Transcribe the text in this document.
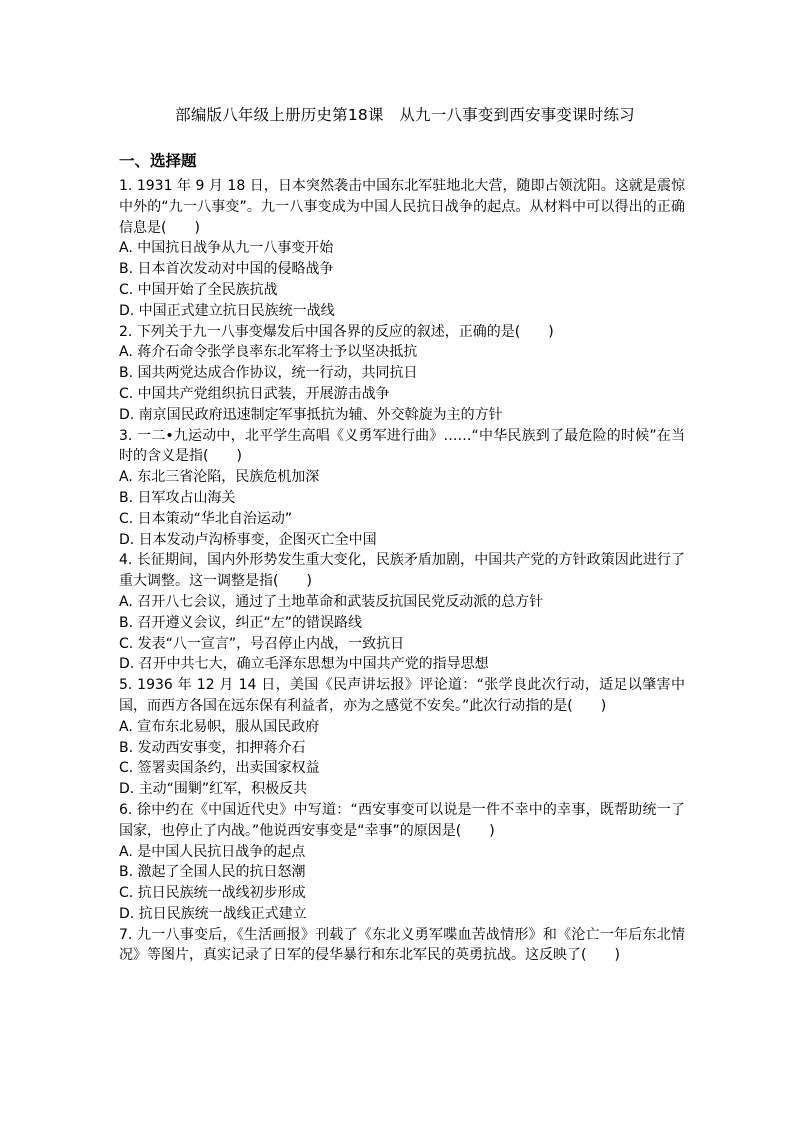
部编版八年级上册历史第18课　从九一八事变到西安事变课时练习
一、选择题

1. 1931 年 9 月 18 日，日本突然袭击中国东北军驻地北大营，随即占领沈阳。这就是震惊中外的“九一八事变”。九一八事变成为中国人民抗日战争的起点。从材料中可以得出的正确信息是(　　)

A. 中国抗日战争从九一八事变开始

B. 日本首次发动对中国的侵略战争

C. 中国开始了全民族抗战

D. 中国正式建立抗日民族统一战线

2. 下列关于九一八事变爆发后中国各界的反应的叙述，正确的是(　　)

A. 蒋介石命令张学良率东北军将士予以坚决抵抗

B. 国共两党达成合作协议，统一行动，共同抗日

C. 中国共产党组织抗日武装，开展游击战争

D. 南京国民政府迅速制定军事抵抗为辅、外交斡旋为主的方针

3. 一二•九运动中，北平学生高唱《义勇军进行曲》……“中华民族到了最危险的时候”在当时的含义是指(　　)

A. 东北三省沦陷，民族危机加深

B. 日军攻占山海关

C. 日本策动“华北自治运动”

D. 日本发动卢沟桥事变，企图灭亡全中国

4. 长征期间，国内外形势发生重大变化，民族矛盾加剧，中国共产党的方针政策因此进行了重大调整。这一调整是指(　　)

A. 召开八七会议，通过了土地革命和武装反抗国民党反动派的总方针

B. 召开遵义会议，纠正“左”的错误路线

C. 发表“八一宣言”，号召停止内战，一致抗日

D. 召开中共七大，确立毛泽东思想为中国共产党的指导思想

5. 1936 年 12 月 14 日，美国《民声讲坛报》评论道：“张学良此次行动，适足以肇害中国，而西方各国在远东保有利益者，亦为之感觉不安矣。”此次行动指的是(　　)

A. 宣布东北易帜，服从国民政府

B. 发动西安事变，扣押蒋介石

C. 签署卖国条约，出卖国家权益

D. 主动“围剿”红军，积极反共

6. 徐中约在《中国近代史》中写道：“西安事变可以说是一件不幸中的幸事，既帮助统一了国家，也停止了内战。”他说西安事变是“幸事”的原因是(　　)

A. 是中国人民抗日战争的起点

B. 激起了全国人民的抗日怒潮

C. 抗日民族统一战线初步形成

D. 抗日民族统一战线正式建立

7. 九一八事变后，《生活画报》刊载了《东北义勇军喋血苦战情形》和《沦亡一年后东北情况》等图片，真实记录了日军的侵华暴行和东北军民的英勇抗战。这反映了(　　)
